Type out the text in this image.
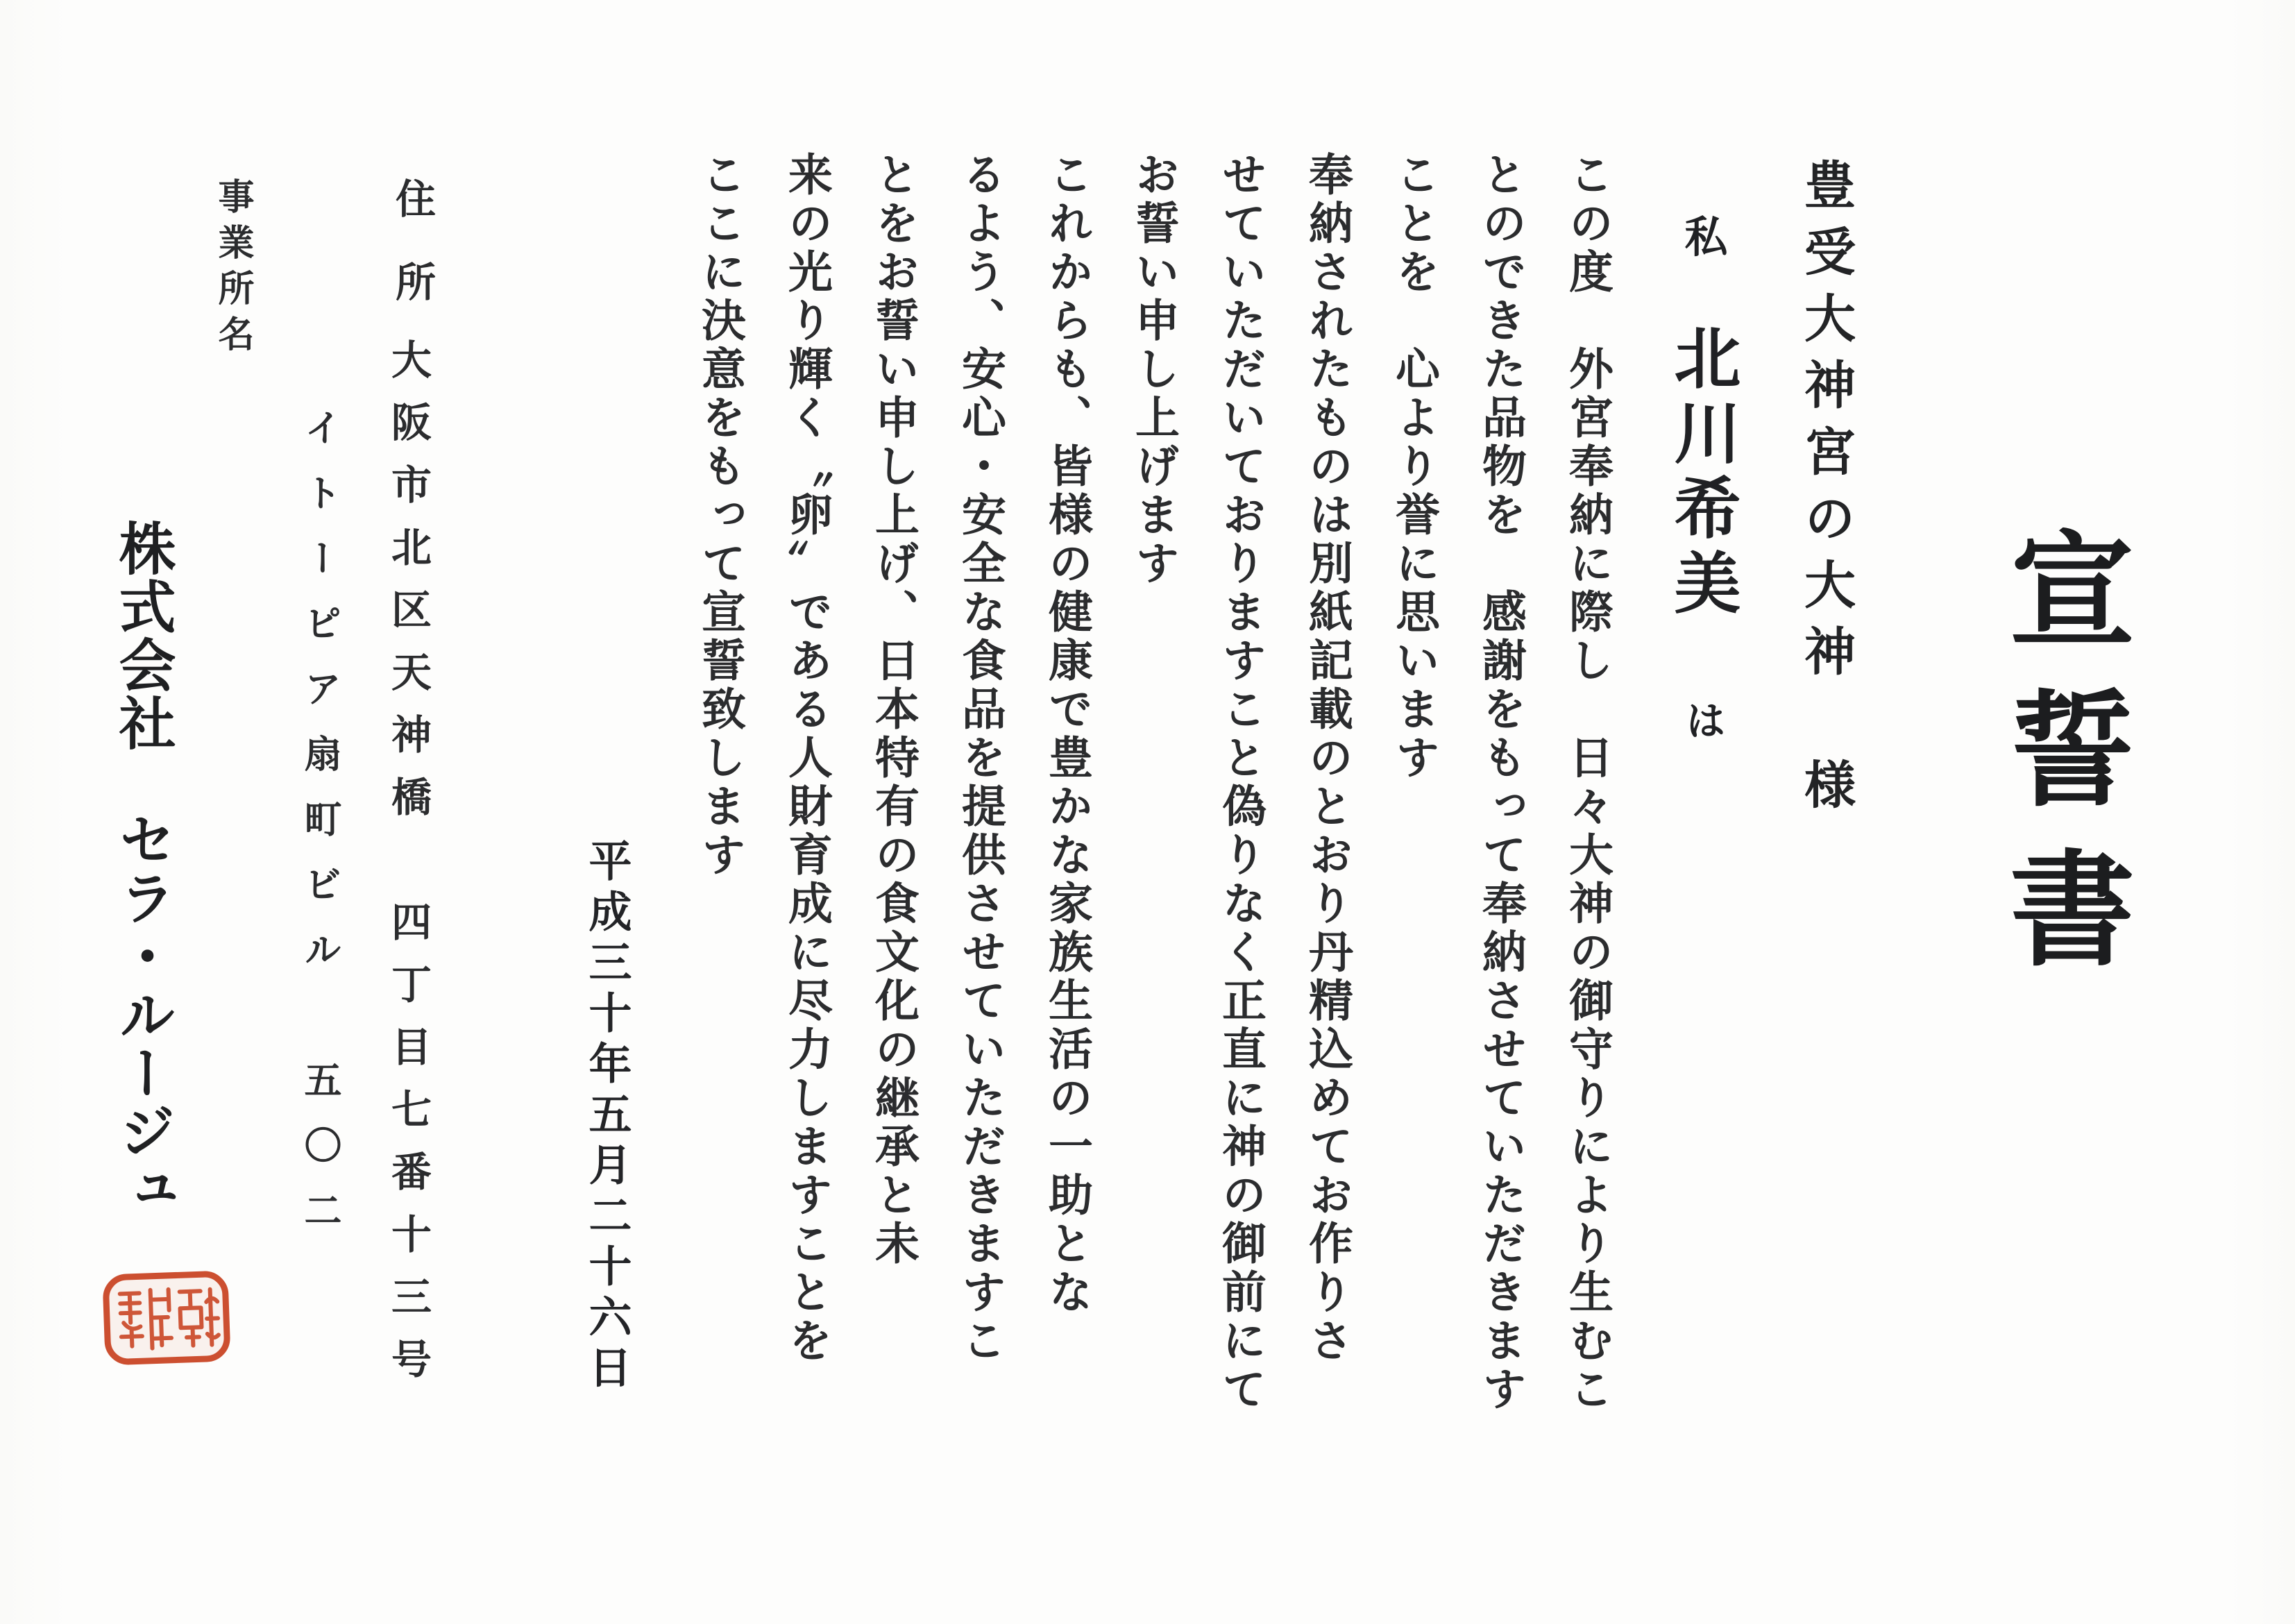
宣誓書
豊受大神宮の大神　様

私北川希美は

この度　外宮奉納に際し　日々大神の御守りにより生むこ
とのできた品物を　感謝をもって奉納させていただきます
ことを　心より誉に思います
奉納されたものは別紙記載のとおり丹精込めてお作りさ
せていただいておりますこと偽りなく正直に神の御前にて
お誓い申し上げます
これからも、皆様の健康で豊かな家族生活の一助とな
るよう、安心・安全な食品を提供させていただきますこ
とをお誓い申し上げ、日本特有の食文化の継承と未
来の光り輝く〝卵〟である人財育成に尽力しますことを
ここに決意をもって宣誓致します
平成三十年五月二十六日
住　所
大阪市北区天神橋　四丁目七番十三号
イトーピア扇町ビル　五〇二
事業所名
株式会社　セラ・ルージュ
